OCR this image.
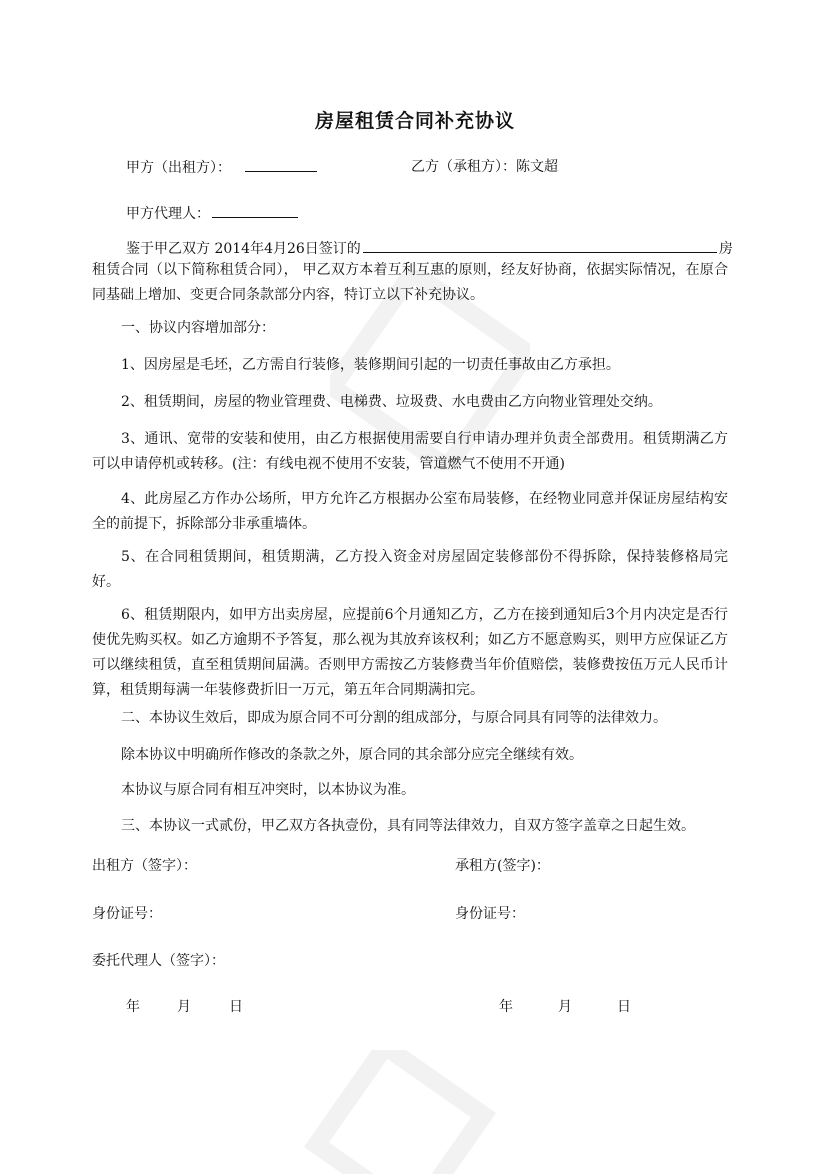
房屋租赁合同补充协议
甲方（出租方）：	乙方（承租方）：陈文超
甲方代理人：
鉴于甲乙双方 2014年4月26日签订的	房
租赁合同（以下简称租赁合同）， 甲乙双方本着互利互惠的原则，经友好协商，依据实际情况，在原合同基础上增加、变更合同条款部分内容，特订立以下补充协议。
一、协议内容增加部分：
1、因房屋是毛坯，乙方需自行装修，装修期间引起的一切责任事故由乙方承担。
2、租赁期间，房屋的物业管理费、电梯费、垃圾费、水电费由乙方向物业管理处交纳。
3、通讯、宽带的安装和使用，由乙方根据使用需要自行申请办理并负责全部费用。租赁期满乙方可以申请停机或转移。(注：有线电视不使用不安装，管道燃气不使用不开通)
4、此房屋乙方作办公场所，甲方允许乙方根据办公室布局装修，在经物业同意并保证房屋结构安全的前提下，拆除部分非承重墙体。
5、在合同租赁期间，租赁期满，乙方投入资金对房屋固定装修部份不得拆除，保持装修格局完好。
6、租赁期限内，如甲方出卖房屋，应提前6个月通知乙方，乙方在接到通知后3个月内决定是否行使优先购买权。如乙方逾期不予答复，那么视为其放弃该权利；如乙方不愿意购买，则甲方应保证乙方可以继续租赁，直至租赁期间届满。否则甲方需按乙方装修费当年价值赔偿，装修费按伍万元人民币计算，租赁期每满一年装修费折旧一万元，第五年合同期满扣完。
二、本协议生效后，即成为原合同不可分割的组成部分，与原合同具有同等的法律效力。
除本协议中明确所作修改的条款之外，原合同的其余部分应完全继续有效。
本协议与原合同有相互冲突时，以本协议为准。
三、本协议一式贰份，甲乙双方各执壹份，具有同等法律效力，自双方签字盖章之日起生效。
出租方（签字）：	承租方(签字)：
身份证号：	身份证号：
委托代理人（签字）：
年	月	日	年	月	日
